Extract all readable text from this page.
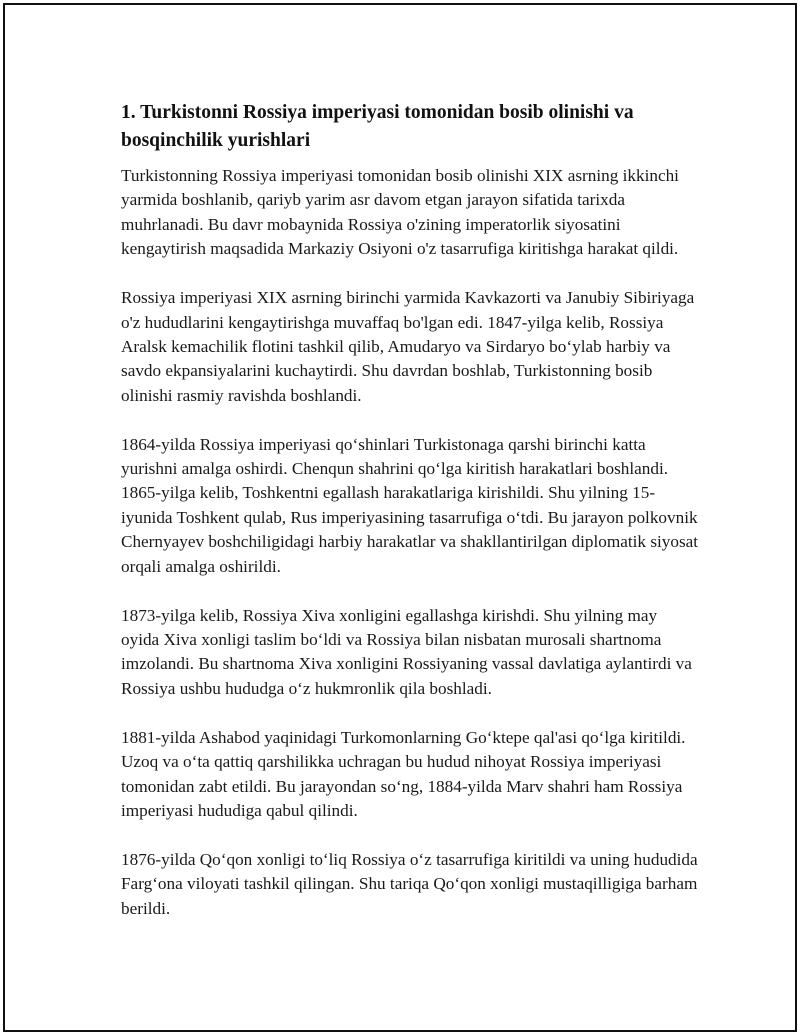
1. Turkistonni Rossiya imperiyasi tomonidan bosib olinishi va bosqinchilik yurishlari

Turkistonning Rossiya imperiyasi tomonidan bosib olinishi XIX asrning ikkinchi yarmida boshlanib, qariyb yarim asr davom etgan jarayon sifatida tarixda muhrlanadi. Bu davr mobaynida Rossiya o'zining imperatorlik siyosatini kengaytirish maqsadida Markaziy Osiyoni o'z tasarrufiga kiritishga harakat qildi.

Rossiya imperiyasi XIX asrning birinchi yarmida Kavkazorti va Janubiy Sibiriyaga o'z hududlarini kengaytirishga muvaffaq bo'lgan edi. 1847-yilga kelib, Rossiya Aralsk kemachilik flotini tashkil qilib, Amudaryo va Sirdaryo boʻylab harbiy va savdo ekpansiyalarini kuchaytirdi. Shu davrdan boshlab, Turkistonning bosib olinishi rasmiy ravishda boshlandi.

1864-yilda Rossiya imperiyasi qoʻshinlari Turkistonaga qarshi birinchi katta yurishni amalga oshirdi. Chenqun shahrini qoʻlga kiritish harakatlari boshlandi. 1865-yilga kelib, Toshkentni egallash harakatlariga kirishildi. Shu yilning 15-iyunida Toshkent qulab, Rus imperiyasining tasarrufiga oʻtdi. Bu jarayon polkovnik Chernyayev boshchiligidagi harbiy harakatlar va shakllantirilgan diplomatik siyosat orqali amalga oshirildi.

1873-yilga kelib, Rossiya Xiva xonligini egallashga kirishdi. Shu yilning may oyida Xiva xonligi taslim boʻldi va Rossiya bilan nisbatan murosali shartnoma imzolandi. Bu shartnoma Xiva xonligini Rossiyaning vassal davlatiga aylantirdi va Rossiya ushbu hududga oʻz hukmronlik qila boshladi.

1881-yilda Ashabod yaqinidagi Turkomonlarning Goʻktepe qal'asi qoʻlga kiritildi. Uzoq va oʻta qattiq qarshilikka uchragan bu hudud nihoyat Rossiya imperiyasi tomonidan zabt etildi. Bu jarayondan soʻng, 1884-yilda Marv shahri ham Rossiya imperiyasi hududiga qabul qilindi.

1876-yilda Qoʻqon xonligi toʻliq Rossiya oʻz tasarrufiga kiritildi va uning hududida Fargʻona viloyati tashkil qilingan. Shu tariqa Qoʻqon xonligi mustaqilligiga barham berildi.
